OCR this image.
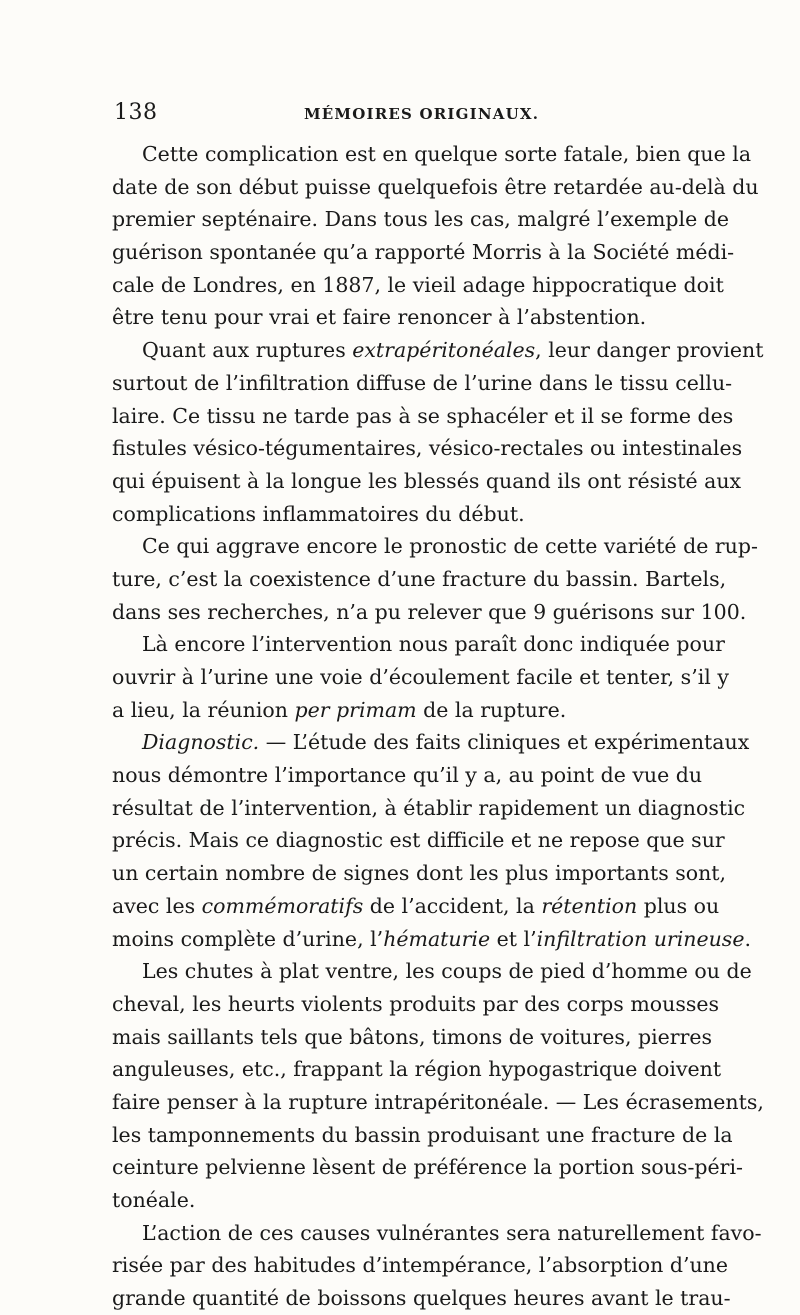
138	MÉMOIRES ORIGINAUX.
Cette complication est en quelque sorte fatale, bien que la
date de son début puisse quelquefois être retardée au-delà du
premier septénaire. Dans tous les cas, malgré l’exemple de
guérison spontanée qu’a rapporté Morris à la Société médi-
cale de Londres, en 1887, le vieil adage hippocratique doit
être tenu pour vrai et faire renoncer à l’abstention.
Quant aux ruptures extrapéritonéales, leur danger provient
surtout de l’infiltration diffuse de l’urine dans le tissu cellu-
laire. Ce tissu ne tarde pas à se sphacéler et il se forme des
fistules vésico-tégumentaires, vésico-rectales ou intestinales
qui épuisent à la longue les blessés quand ils ont résisté aux
complications inflammatoires du début.
Ce qui aggrave encore le pronostic de cette variété de rup-
ture, c’est la coexistence d’une fracture du bassin. Bartels,
dans ses recherches, n’a pu relever que 9 guérisons sur 100.
Là encore l’intervention nous paraît donc indiquée pour
ouvrir à l’urine une voie d’écoulement facile et tenter, s’il y
a lieu, la réunion per primam de la rupture.
Diagnostic. — L’étude des faits cliniques et expérimentaux
nous démontre l’importance qu’il y a, au point de vue du
résultat de l’intervention, à établir rapidement un diagnostic
précis. Mais ce diagnostic est difficile et ne repose que sur
un certain nombre de signes dont les plus importants sont,
avec les commémoratifs de l’accident, la rétention plus ou
moins complète d’urine, l’hématurie et l’infiltration urineuse.
Les chutes à plat ventre, les coups de pied d’homme ou de
cheval, les heurts violents produits par des corps mousses
mais saillants tels que bâtons, timons de voitures, pierres
anguleuses, etc., frappant la région hypogastrique doivent
faire penser à la rupture intrapéritonéale. — Les écrasements,
les tamponnements du bassin produisant une fracture de la
ceinture pelvienne lèsent de préférence la portion sous-péri-
tonéale.
L’action de ces causes vulnérantes sera naturellement favo-
risée par des habitudes d’intempérance, l’absorption d’une
grande quantité de boissons quelques heures avant le trau-
